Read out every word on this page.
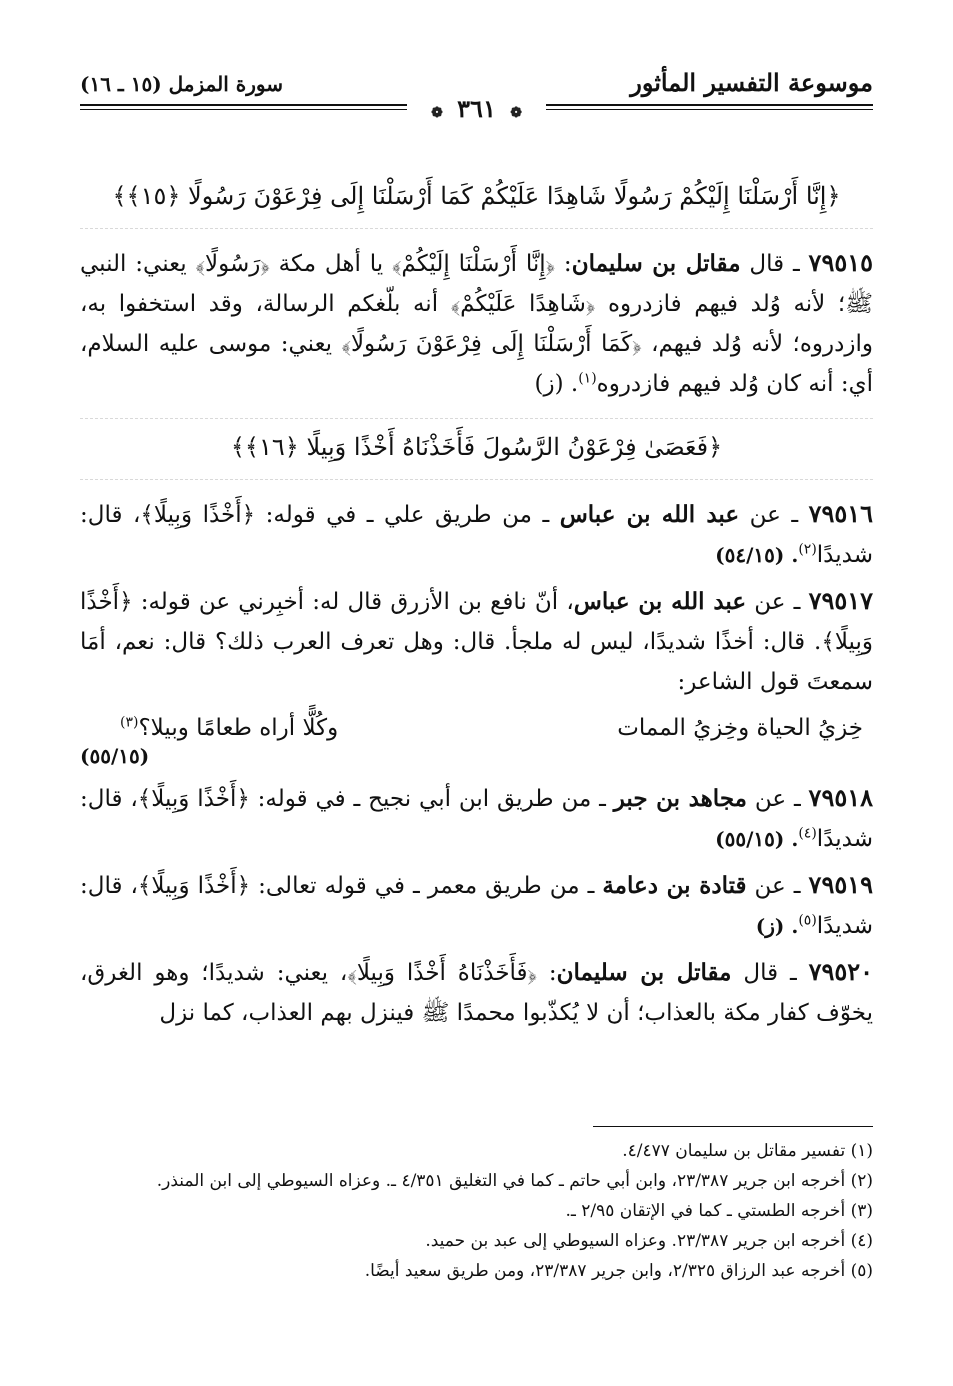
موسوعة التفسير المأثور
سورة المزمل (١٥ ـ ١٦)
❁ ٣٦١ ❁
﴿إِنَّا أَرْسَلْنَا إِلَيْكُمْ رَسُولًا شَاهِدًا عَلَيْكُمْ كَمَا أَرْسَلْنَا إِلَى فِرْعَوْنَ رَسُولًا ﴿١٥﴾﴾

٧٩٥١٥ ـ قال مقاتل بن سليمان: ﴿إِنَّا أَرْسَلْنَا إِلَيْكُمْ﴾ يا أهل مكة ﴿رَسُولًا﴾ يعني: النبي ﷺ؛ لأنه وُلد فيهم فازدروه ﴿شَاهِدًا عَلَيْكُمْ﴾ أنه بلّغكم الرسالة، وقد استخفوا به، وازدروه؛ لأنه وُلد فيهم، ﴿كَمَا أَرْسَلْنَا إِلَى فِرْعَوْنَ رَسُولًا﴾ يعني: موسى عليه السلام، أي: أنه كان وُلد فيهم فازدروه$^{(١)}$. (ز)

﴿فَعَصَىٰ فِرْعَوْنُ الرَّسُولَ فَأَخَذْنَاهُ أَخْذًا وَبِيلًا ﴿١٦﴾﴾

٧٩٥١٦ ـ عن عبد الله بن عباس ـ من طريق علي ـ في قوله: ﴿أَخْذًا وَبِيلًا﴾، قال: شديدًا$^{(٢)}$. (٥٤/١٥)

٧٩٥١٧ ـ عن عبد الله بن عباس، أنّ نافع بن الأزرق قال له: أخبِرني عن قوله: ﴿أَخْذًا وَبِيلًا﴾. قال: أخذًا شديدًا، ليس له ملجأ. قال: وهل تعرف العرب ذلك؟ قال: نعم، أمَا سمعتَ قول الشاعر:

خِزيُ الحياة وخِزيُ الممات
وكُلًّا أراه طعامًا وبيلا؟$^{(٣)}$
(٥٥/١٥)

٧٩٥١٨ ـ عن مجاهد بن جبر ـ من طريق ابن أبي نجيح ـ في قوله: ﴿أَخْذًا وَبِيلًا﴾، قال: شديدًا$^{(٤)}$. (٥٥/١٥)

٧٩٥١٩ ـ عن قتادة بن دعامة ـ من طريق معمر ـ في قوله تعالى: ﴿أَخْذًا وَبِيلًا﴾، قال: شديدًا$^{(٥)}$. (ز)

٧٩٥٢٠ ـ قال مقاتل بن سليمان: ﴿فَأَخَذْنَاهُ أَخْذًا وَبِيلًا﴾، يعني: شديدًا؛ وهو الغرق، يخوّف كفار مكة بالعذاب؛ أن لا يُكذّبوا محمدًا ﷺ فينزل بهم العذاب، كما نزل

(١) تفسير مقاتل بن سليمان ٤/٤٧٧.
(٢) أخرجه ابن جرير ٢٣/٣٨٧، وابن أبي حاتم ـ كما في التغليق ٤/٣٥١ ـ. وعزاه السيوطي إلى ابن المنذر.
(٣) أخرجه الطستي ـ كما في الإتقان ٢/٩٥ ـ.
(٤) أخرجه ابن جرير ٢٣/٣٨٧. وعزاه السيوطي إلى عبد بن حميد.
(٥) أخرجه عبد الرزاق ٢/٣٢٥، وابن جرير ٢٣/٣٨٧، ومن طريق سعيد أيضًا.
